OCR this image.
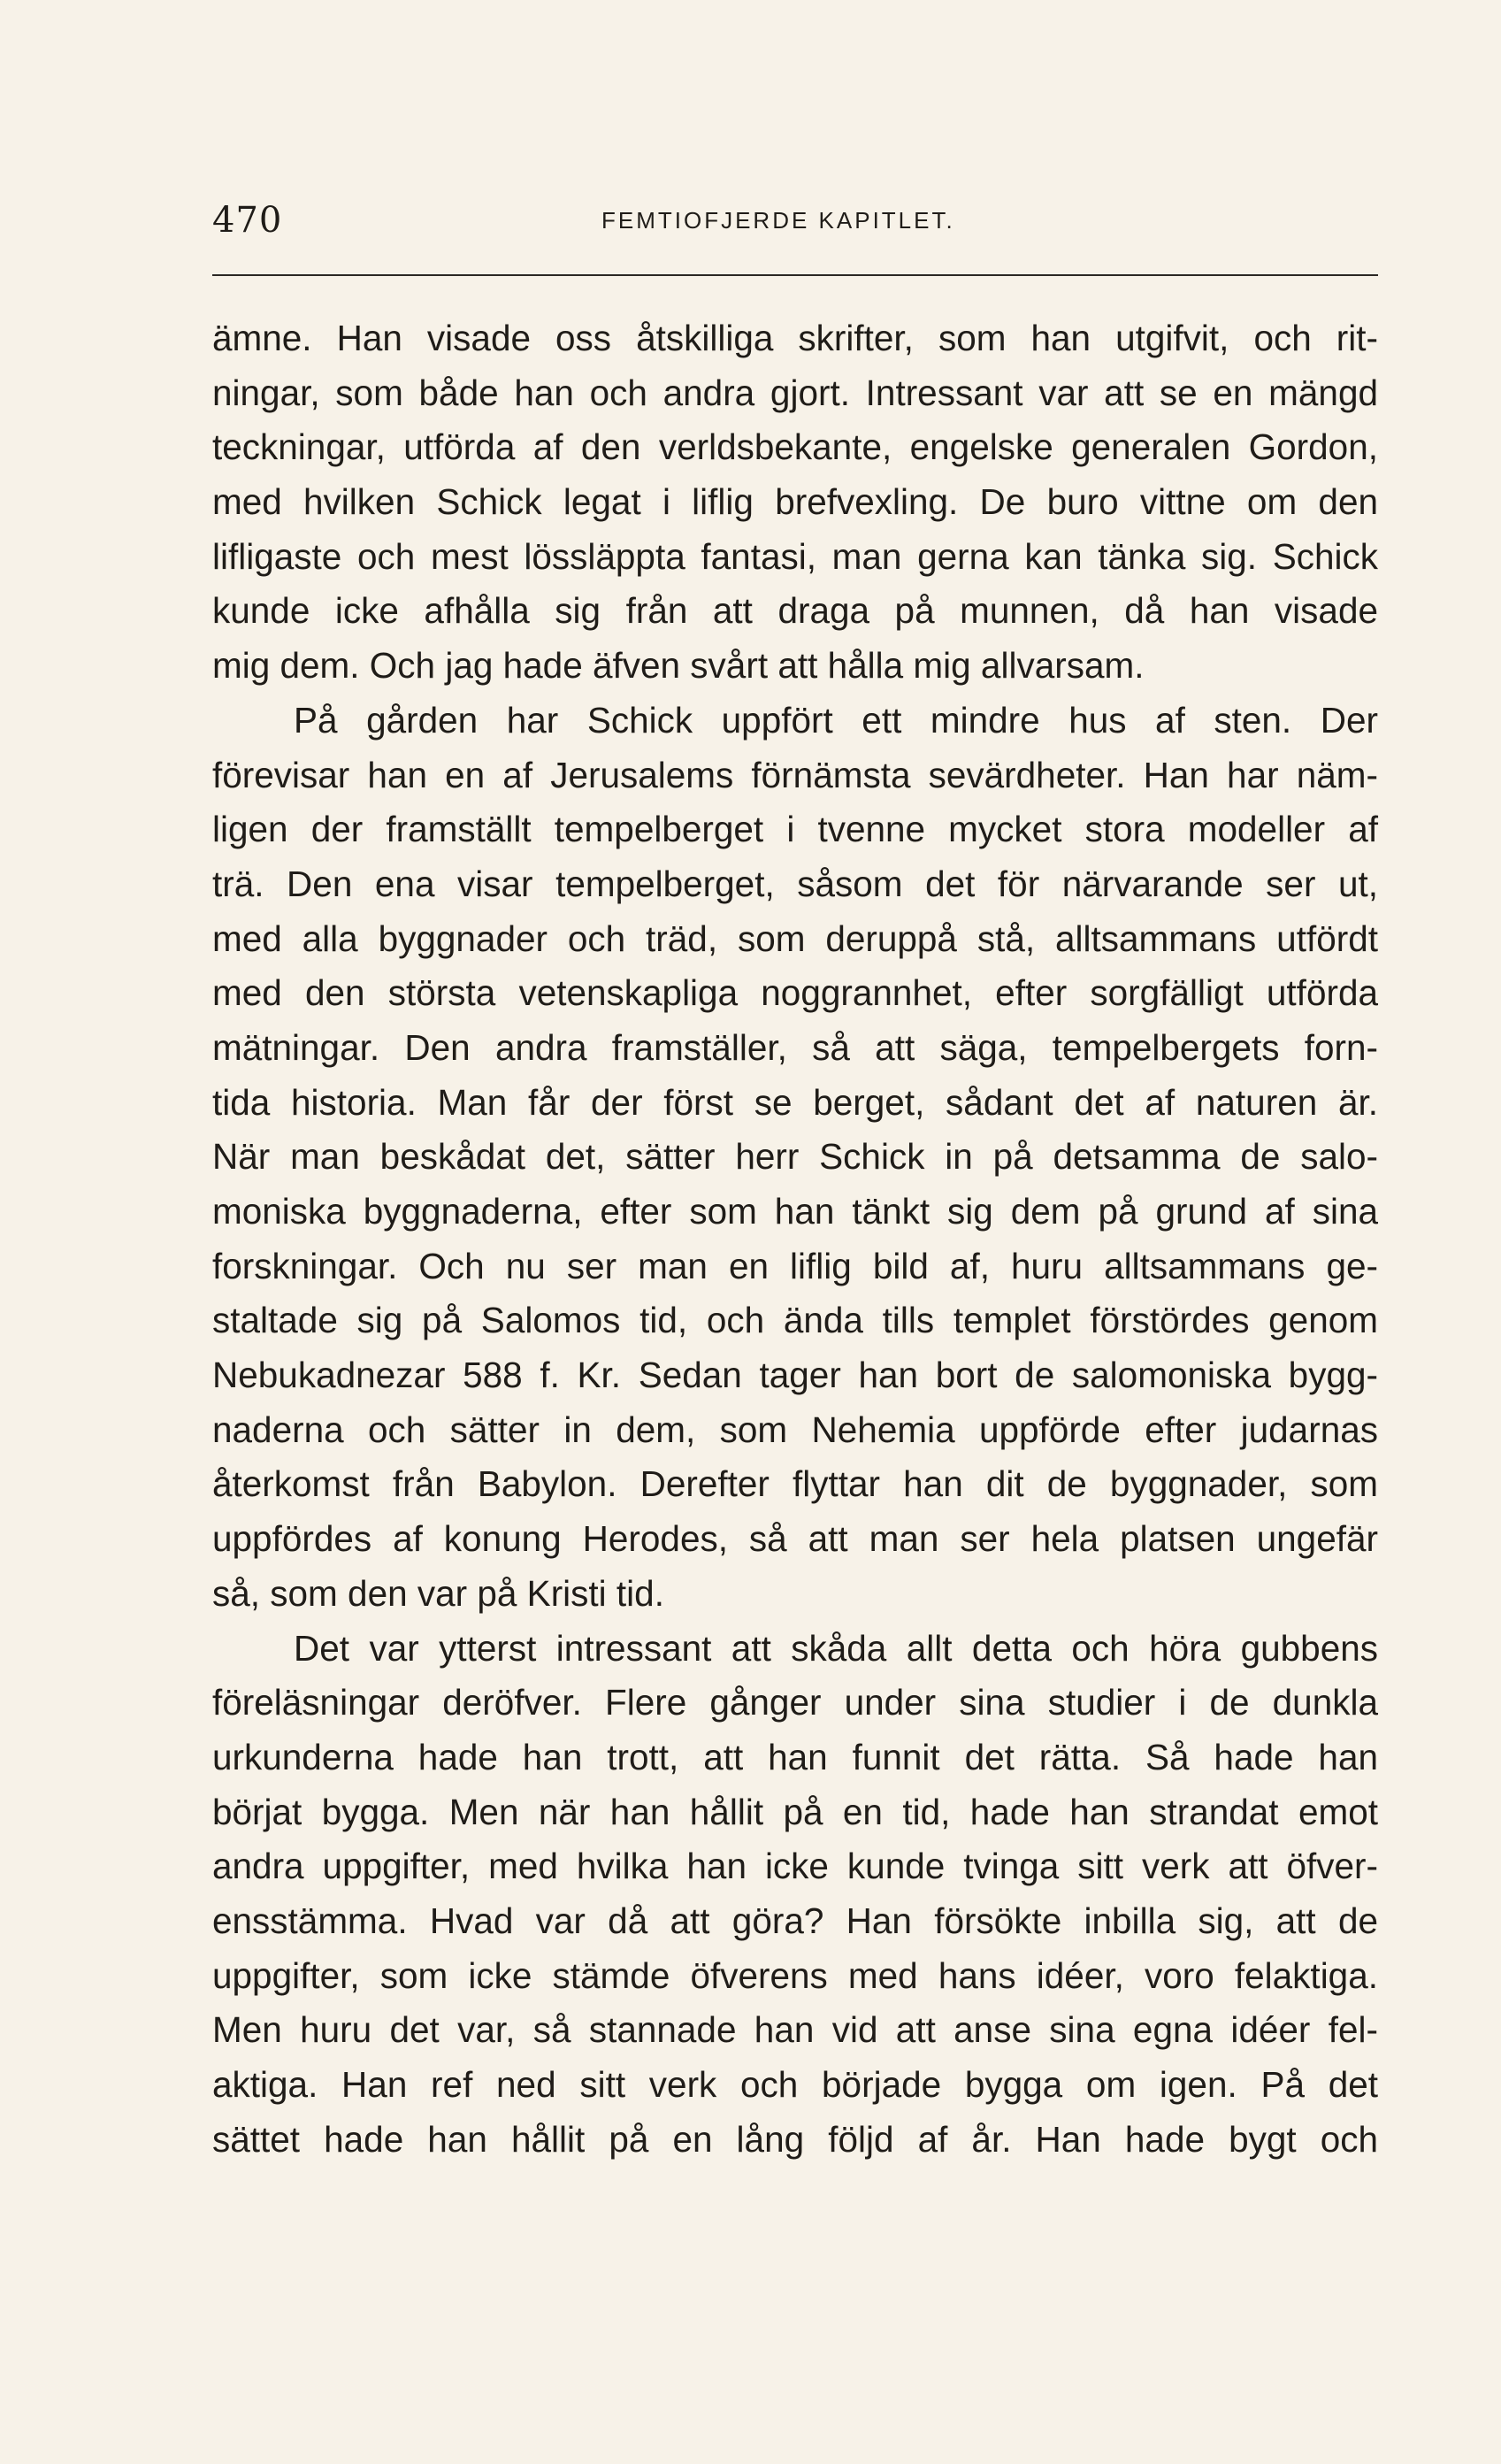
470	FEMTIOFJERDE KAPITLET.
ämne. Han visade oss åtskilliga skrifter, som han utgifvit, och rit-
ningar, som både han och andra gjort. Intressant var att se en mängd
teckningar, utförda af den verldsbekante, engelske generalen Gordon,
med hvilken Schick legat i liflig brefvexling. De buro vittne om den
lifligaste och mest lössläppta fantasi, man gerna kan tänka sig. Schick
kunde icke afhålla sig från att draga på munnen, då han visade
mig dem. Och jag hade äfven svårt att hålla mig allvarsam.
På gården har Schick uppfört ett mindre hus af sten. Der
förevisar han en af Jerusalems förnämsta sevärdheter. Han har näm-
ligen der framställt tempelberget i tvenne mycket stora modeller af
trä. Den ena visar tempelberget, såsom det för närvarande ser ut,
med alla byggnader och träd, som deruppå stå, alltsammans utfördt
med den största vetenskapliga noggrannhet, efter sorgfälligt utförda
mätningar. Den andra framställer, så att säga, tempelbergets forn-
tida historia. Man får der först se berget, sådant det af naturen är.
När man beskådat det, sätter herr Schick in på detsamma de salo-
moniska byggnaderna, efter som han tänkt sig dem på grund af sina
forskningar. Och nu ser man en liflig bild af, huru alltsammans ge-
staltade sig på Salomos tid, och ända tills templet förstördes genom
Nebukadnezar 588 f. Kr. Sedan tager han bort de salomoniska bygg-
naderna och sätter in dem, som Nehemia uppförde efter judarnas
återkomst från Babylon. Derefter flyttar han dit de byggnader, som
uppfördes af konung Herodes, så att man ser hela platsen ungefär
så, som den var på Kristi tid.
Det var ytterst intressant att skåda allt detta och höra gubbens
föreläsningar deröfver. Flere gånger under sina studier i de dunkla
urkunderna hade han trott, att han funnit det rätta. Så hade han
börjat bygga. Men när han hållit på en tid, hade han strandat emot
andra uppgifter, med hvilka han icke kunde tvinga sitt verk att öfver-
ensstämma. Hvad var då att göra? Han försökte inbilla sig, att de
uppgifter, som icke stämde öfverens med hans idéer, voro felaktiga.
Men huru det var, så stannade han vid att anse sina egna idéer fel-
aktiga. Han ref ned sitt verk och började bygga om igen. På det
sättet hade han hållit på en lång följd af år. Han hade bygt och
